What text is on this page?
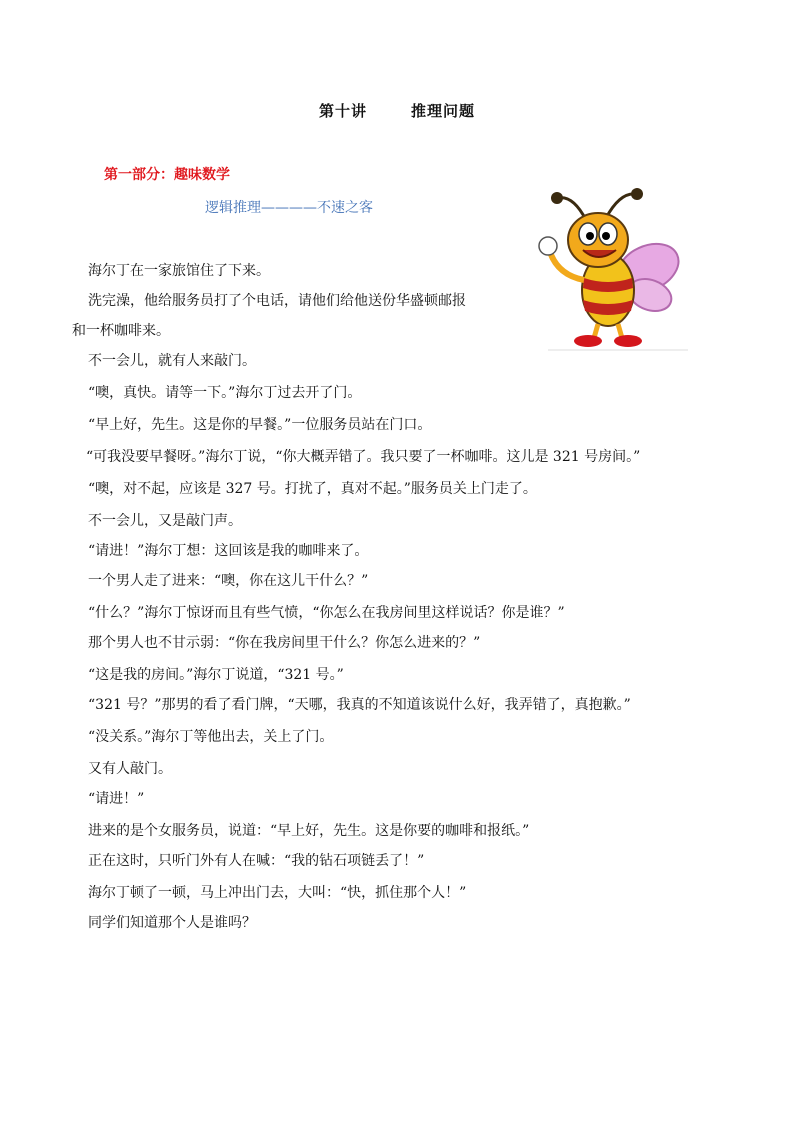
第十讲	推理问题
第一部分：趣味数学
逻辑推理————不速之客
海尔丁在一家旅馆住了下来。
洗完澡，他给服务员打了个电话，请他们给他送份华盛顿邮报
和一杯咖啡来。
不一会儿，就有人来敲门。
“噢，真快。请等一下。”海尔丁过去开了门。
“早上好，先生。这是你的早餐。”一位服务员站在门口。
“可我没要早餐呀。”海尔丁说，“你大概弄错了。我只要了一杯咖啡。这儿是 321 号房间。”
“噢，对不起，应该是 327 号。打扰了，真对不起。”服务员关上门走了。
不一会儿，又是敲门声。
“请进！”海尔丁想：这回该是我的咖啡来了。
一个男人走了进来：“噢，你在这儿干什么？”
“什么？”海尔丁惊讶而且有些气愤，“你怎么在我房间里这样说话？你是谁？”
那个男人也不甘示弱：“你在我房间里干什么？你怎么进来的？”
“这是我的房间。”海尔丁说道，“321 号。”
“321 号？”那男的看了看门牌，“天哪，我真的不知道该说什么好，我弄错了，真抱歉。”
“没关系。”海尔丁等他出去，关上了门。
又有人敲门。
“请进！”
进来的是个女服务员，说道：“早上好，先生。这是你要的咖啡和报纸。”
正在这时，只听门外有人在喊：“我的钻石项链丢了！”
海尔丁顿了一顿，马上冲出门去，大叫：“快，抓住那个人！”
同学们知道那个人是谁吗？
